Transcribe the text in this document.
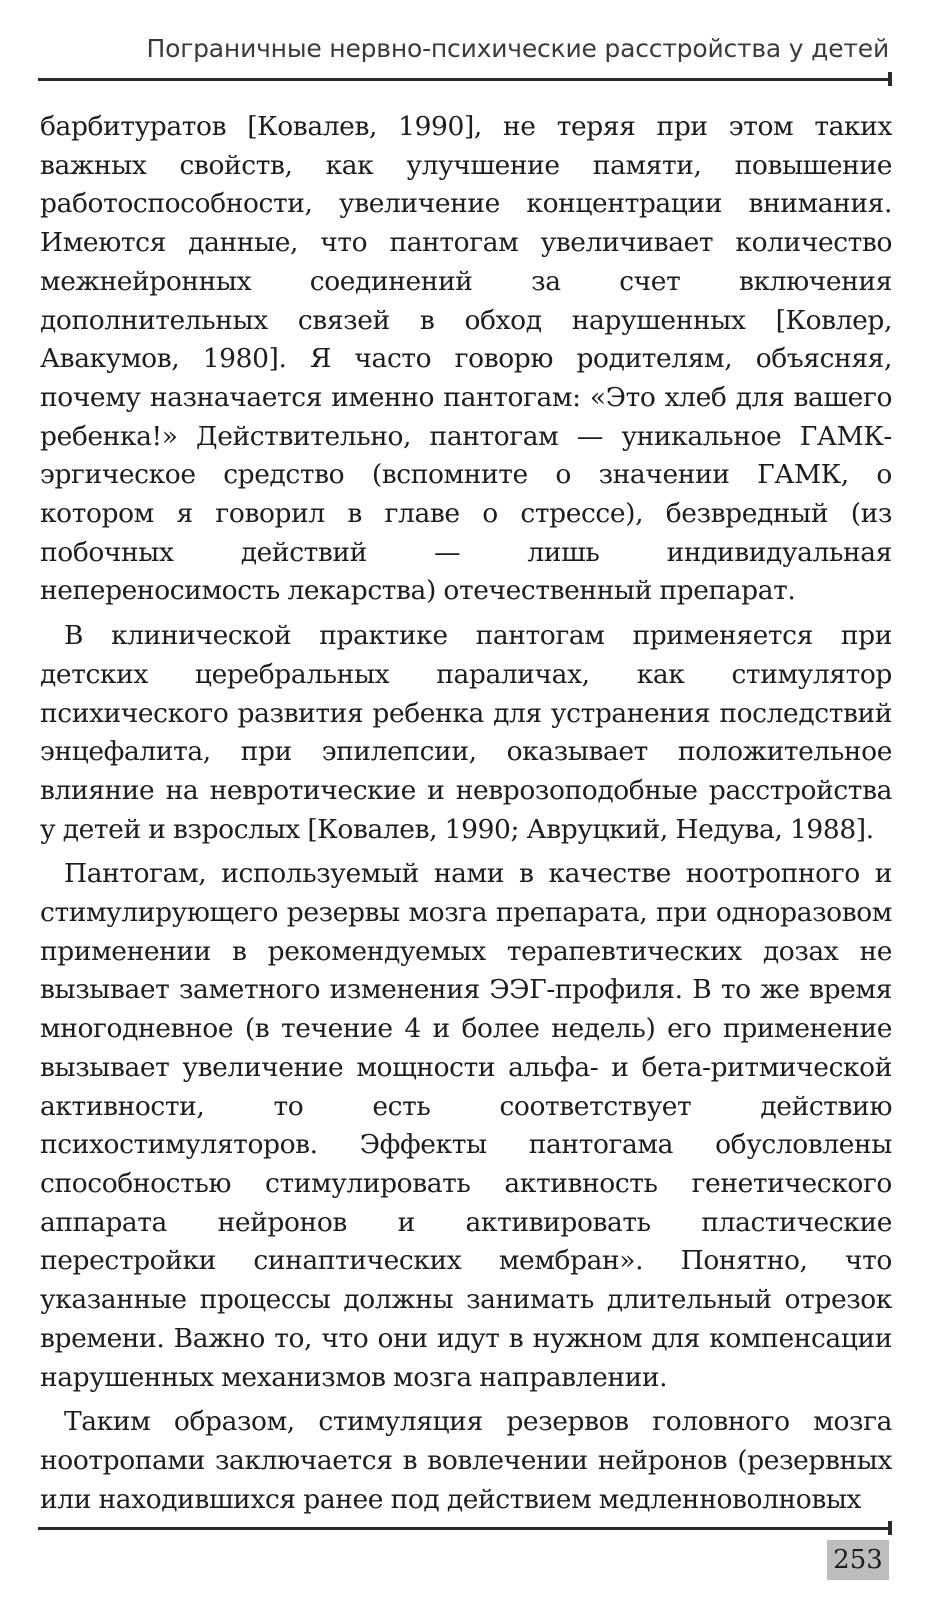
Пограничные нервно-психические расстройства у детей

барбитуратов [Ковалев, 1990], не теряя при этом таких важных свойств, как улучшение памяти, повышение работоспособности, увеличение концентрации внимания. Имеются данные, что пантогам увеличивает количество межнейронных соединений за счет включения дополнительных связей в обход нарушенных [Ковлер, Авакумов, 1980]. Я часто говорю родителям, объясняя, почему назначается именно пантогам: «Это хлеб для вашего ребенка!» Действительно, пантогам — уникальное ГАМК-эргическое средство (вспомните о значении ГАМК, о котором я говорил в главе о стрессе), безвредный (из побочных действий — лишь индивидуальная непереносимость лекарства) отечественный препарат.

В клинической практике пантогам применяется при детских церебральных параличах, как стимулятор психического развития ребенка для устранения последствий энцефалита, при эпилепсии, оказывает положительное влияние на невротические и неврозоподобные расстройства у детей и взрослых [Ковалев, 1990; Авруцкий, Недува, 1988].

Пантогам, используемый нами в качестве ноотропного и стимулирующего резервы мозга препарата, при одноразовом применении в рекомендуемых терапевтических дозах не вызывает заметного изменения ЭЭГ-профиля. В то же время многодневное (в течение 4 и более недель) его применение вызывает увеличение мощности альфа- и бета-ритмической активности, то есть соответствует действию психостимуляторов. Эффекты пантогама обусловлены способностью стимулировать активность генетического аппарата нейронов и активировать пластические перестройки синаптических мембран». Понятно, что указанные процессы должны занимать длительный отрезок времени. Важно то, что они идут в нужном для компенсации нарушенных механизмов мозга направлении.

Таким образом, стимуляция резервов головного мозга ноотропами заключается в вовлечении нейронов (резервных или находившихся ранее под действием медленноволновых

253
